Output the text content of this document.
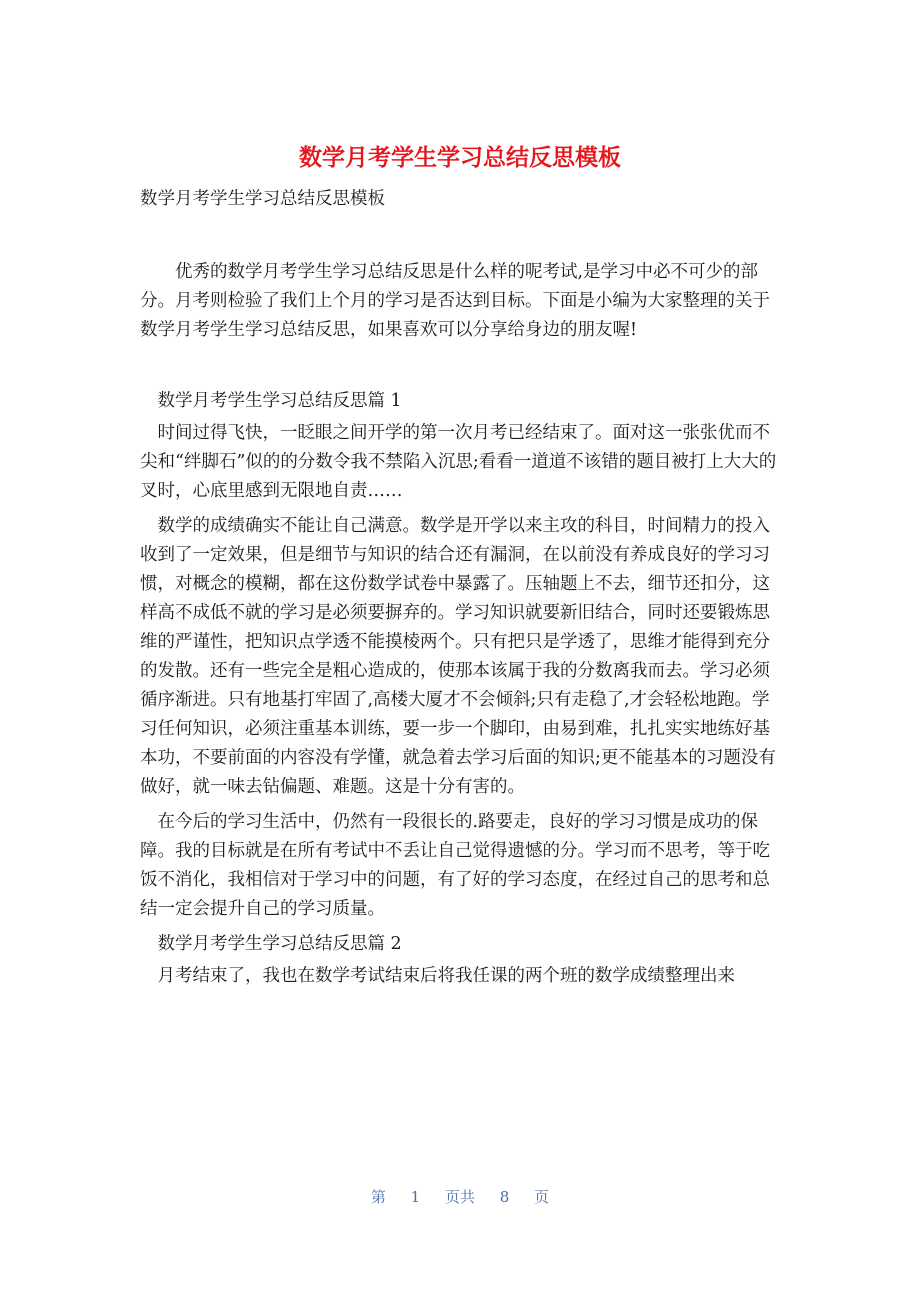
数学月考学生学习总结反思模板

数学月考学生学习总结反思模板

优秀的数学月考学生学习总结反思是什么样的呢考试,是学习中必不可少的部分。月考则检验了我们上个月的学习是否达到目标。下面是小编为大家整理的关于数学月考学生学习总结反思，如果喜欢可以分享给身边的朋友喔!

数学月考学生学习总结反思篇 1

时间过得飞快，一眨眼之间开学的第一次月考已经结束了。面对这一张张优而不尖和“绊脚石”似的的分数令我不禁陷入沉思;看看一道道不该错的题目被打上大大的叉时，心底里感到无限地自责……

数学的成绩确实不能让自己满意。数学是开学以来主攻的科目，时间精力的投入收到了一定效果，但是细节与知识的结合还有漏洞，在以前没有养成良好的学习习惯，对概念的模糊，都在这份数学试卷中暴露了。压轴题上不去，细节还扣分，这样高不成低不就的学习是必须要摒弃的。学习知识就要新旧结合，同时还要锻炼思维的严谨性，把知识点学透不能摸棱两个。只有把只是学透了，思维才能得到充分的发散。还有一些完全是粗心造成的，使那本该属于我的分数离我而去。学习必须循序渐进。只有地基打牢固了,高楼大厦才不会倾斜;只有走稳了,才会轻松地跑。学习任何知识，必须注重基本训练，要一步一个脚印，由易到难，扎扎实实地练好基本功，不要前面的内容没有学懂，就急着去学习后面的知识;更不能基本的习题没有做好，就一味去钻偏题、难题。这是十分有害的。

在今后的学习生活中，仍然有一段很长的.路要走，良好的学习习惯是成功的保障。我的目标就是在所有考试中不丢让自己觉得遗憾的分。学习而不思考，等于吃饭不消化，我相信对于学习中的问题，有了好的学习态度，在经过自己的思考和总结一定会提升自己的学习质量。

数学月考学生学习总结反思篇 2

月考结束了，我也在数学考试结束后将我任课的两个班的数学成绩整理出来

第 1 页共 8 页
